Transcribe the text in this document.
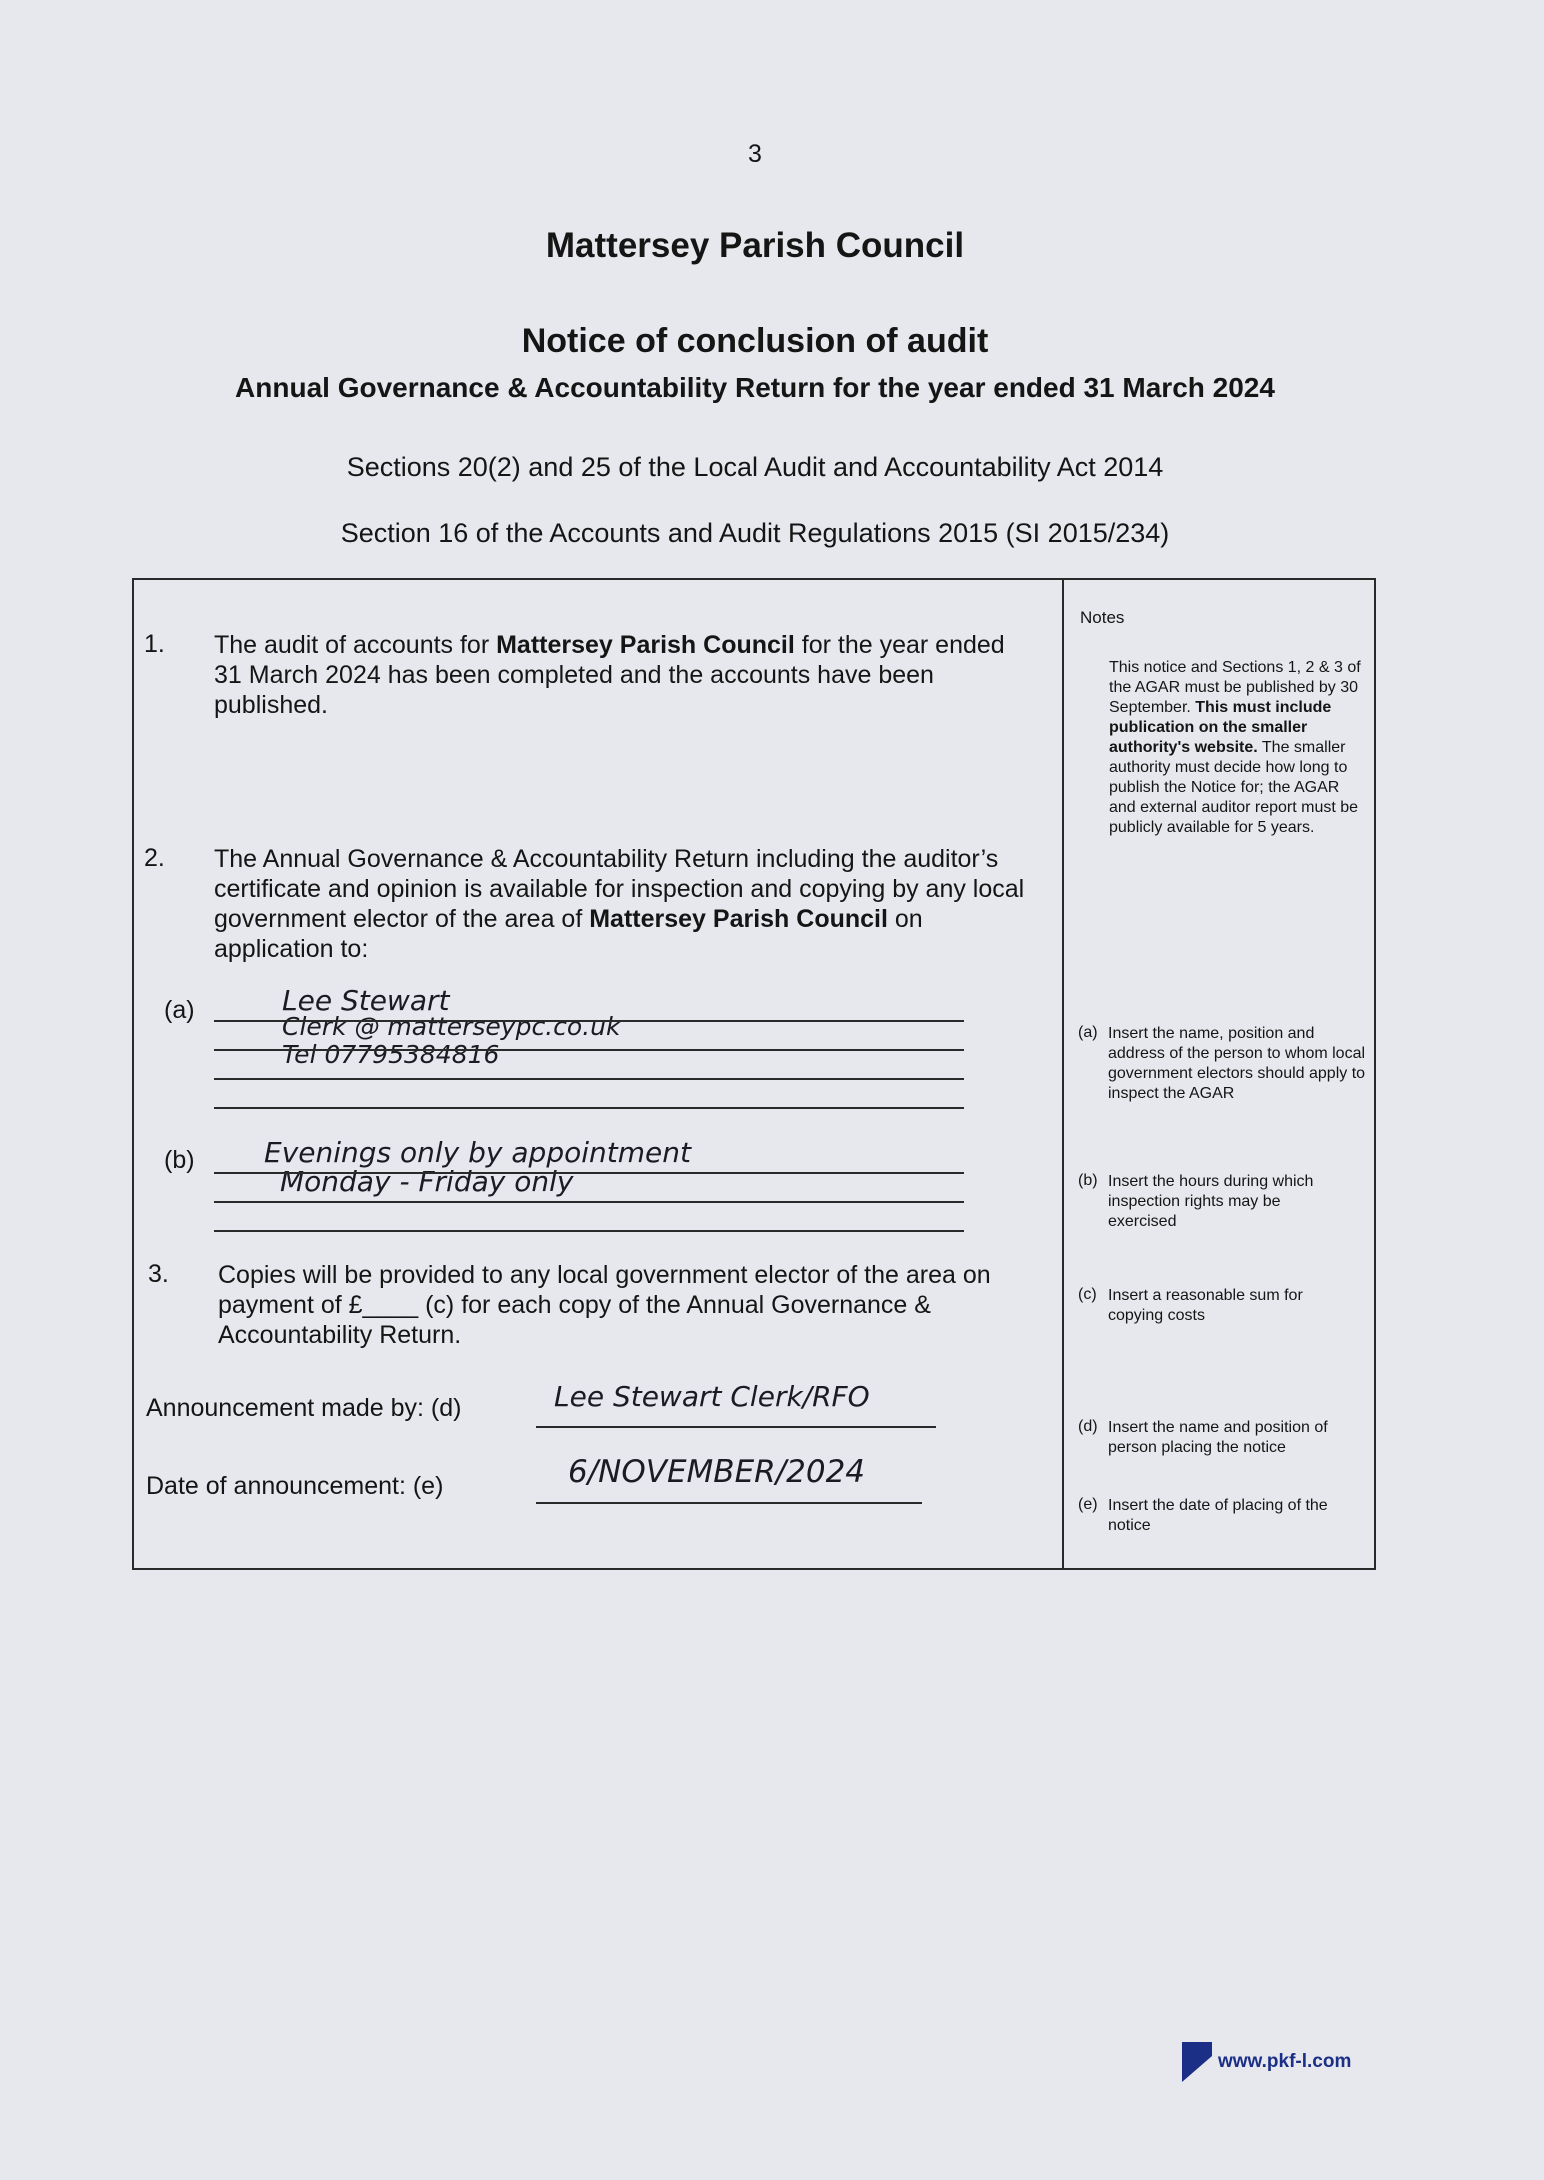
3
Mattersey Parish Council
Notice of conclusion of audit
Annual Governance & Accountability Return for the year ended 31 March 2024
Sections 20(2) and 25 of the Local Audit and Accountability Act 2014
Section 16 of the Accounts and Audit Regulations 2015 (SI 2015/234)
1. The audit of accounts for Mattersey Parish Council for the year ended 31 March 2024 has been completed and the accounts have been published.
2. The Annual Governance & Accountability Return including the auditor’s certificate and opinion is available for inspection and copying by any local government elector of the area of Mattersey Parish Council on application to:
(a)	Lee Stewart
Clerk @ matterseypc.co.uk
Tel 07795384816
(b) Evenings only by appointment
Monday - Friday only
3. Copies will be provided to any local government elector of the area on payment of £____ (c) for each copy of the Annual Governance & Accountability Return.
Announcement made by: (d)	Lee Stewart Clerk/RFO
Date of announcement: (e)	6/NOVEMBER/2024
Notes
This notice and Sections 1, 2 & 3 of the AGAR must be published by 30 September. This must include publication on the smaller authority's website. The smaller authority must decide how long to publish the Notice for; the AGAR and external auditor report must be publicly available for 5 years.
(a) Insert the name, position and address of the person to whom local government electors should apply to inspect the AGAR
(b) Insert the hours during which inspection rights may be exercised
(c) Insert a reasonable sum for copying costs
(d) Insert the name and position of person placing the notice
(e) Insert the date of placing of the notice
www.pkf-l.com
